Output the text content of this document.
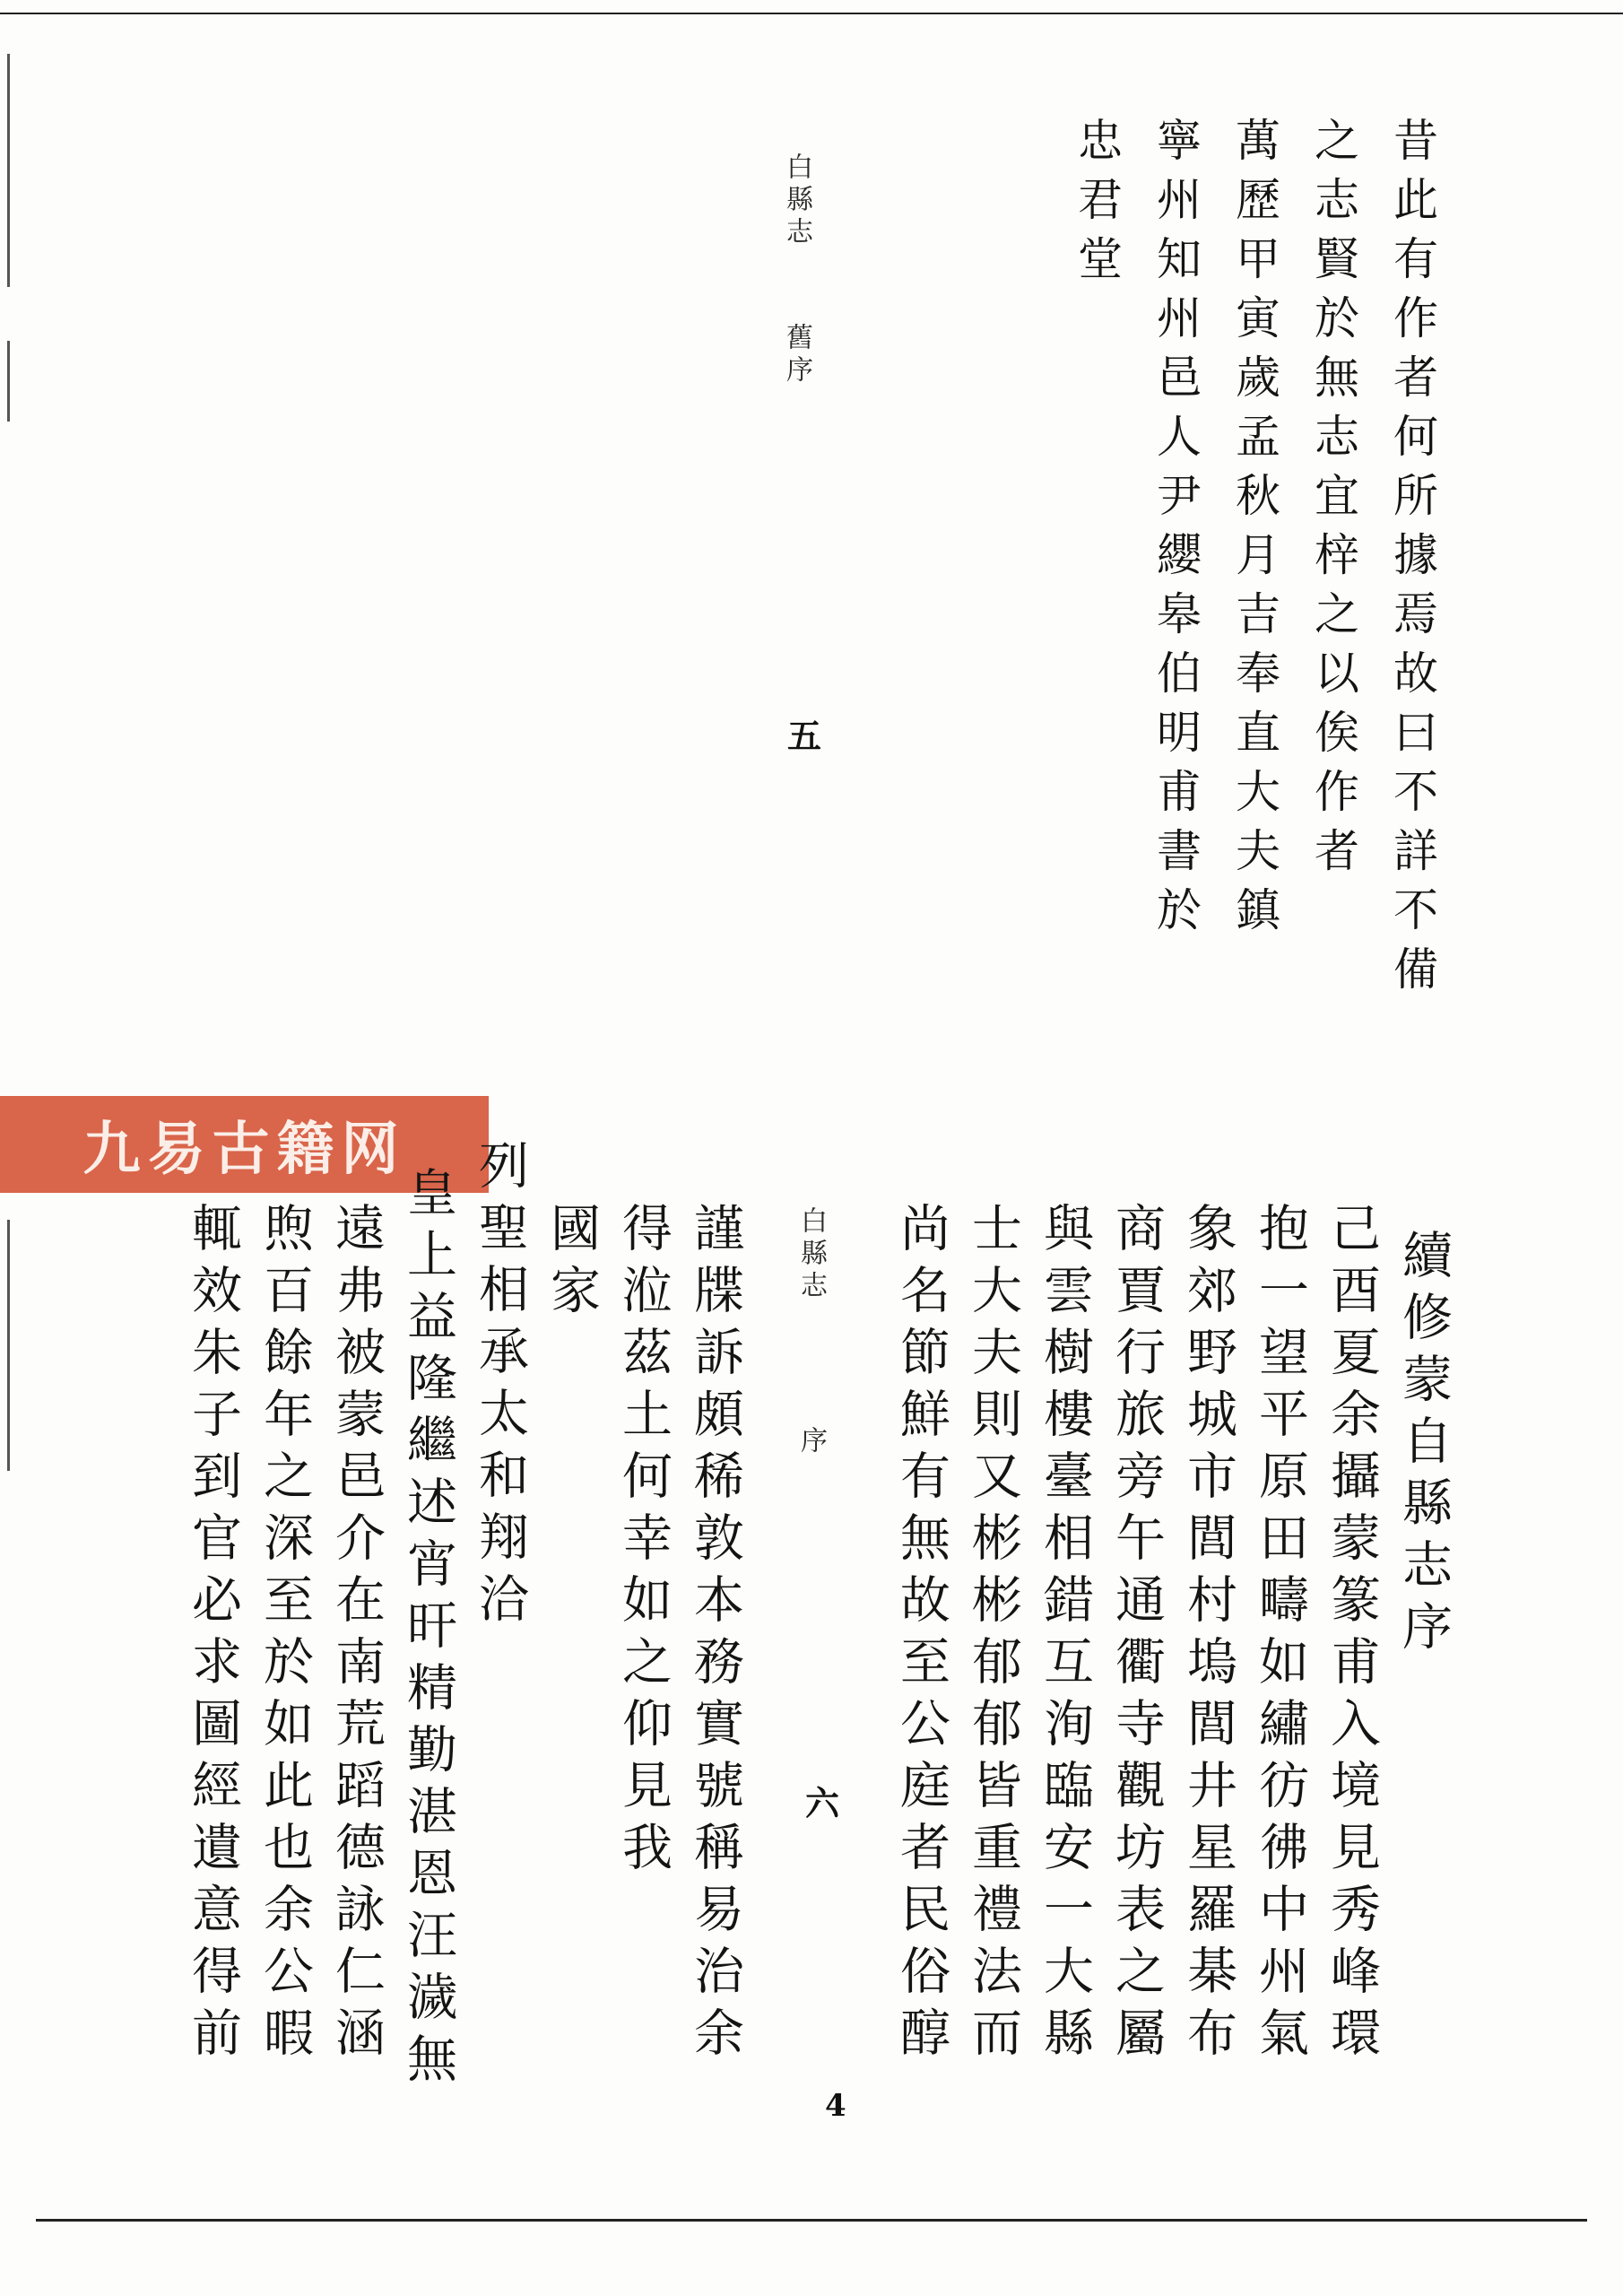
昔此有作者何所據焉故曰不詳不備
之志賢於無志宜梓之以俟作者
萬歷甲寅歲孟秋月吉奉直大夫鎮
寧州知州邑人尹纓皋伯明甫書於
忠君堂
白縣志
舊序
五
九易古籍网
續修蒙自縣志序
己酉夏余攝蒙篆甫入境見秀峰環
抱一望平原田疇如繡彷彿中州氣
象郊野城市閭村塢閭井星羅棊布
商賈行旅旁午通衢寺觀坊表之屬
與雲樹樓臺相錯互洵臨安一大縣
士大夫則又彬彬郁郁皆重禮法而
尚名節鮮有無故至公庭者民俗醇
白縣志
序
六
4
謹牒訴頗稀敦本務實號稱易治余
得涖茲土何幸如之仰見我
國家
列聖相承太和翔洽
皇上益隆繼述宵旰精勤湛恩汪濊無
遠弗被蒙邑介在南荒蹈德詠仁涵
煦百餘年之深至於如此也余公暇
輒效朱子到官必求圖經遺意得前
